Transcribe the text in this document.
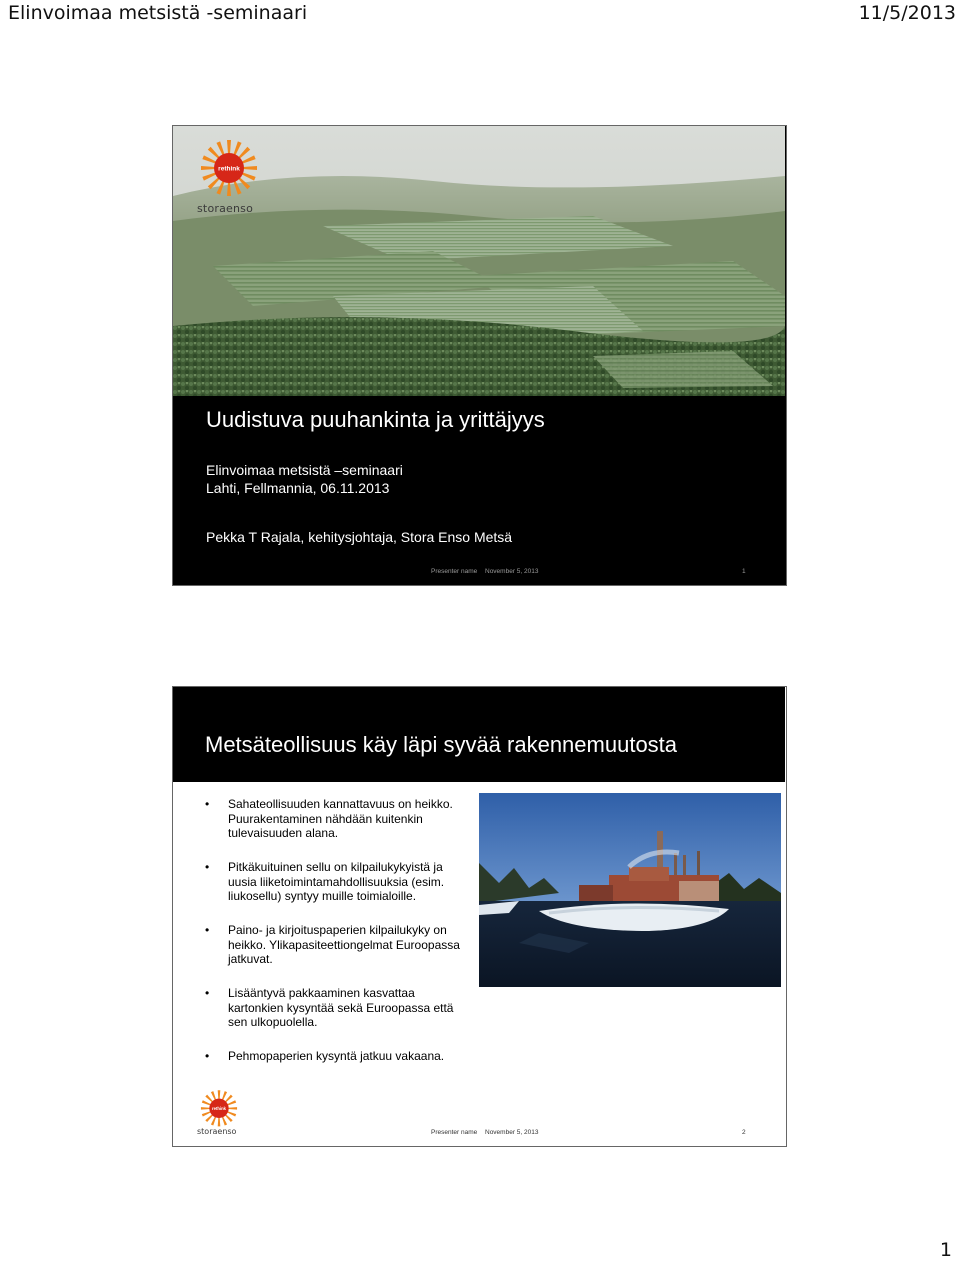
Elinvoimaa metsistä -seminaari	11/5/2013
rethink
storaenso
Uudistuva puuhankinta ja yrittäjyys
Elinvoimaa metsistä –seminaari
Lahti, Fellmannia, 06.11.2013
Pekka T Rajala, kehitysjohtaja, Stora Enso Metsä
Presenter name November 5, 2013	1
Metsäteollisuus käy läpi syvää rakennemuutosta
• Sahateollisuuden kannattavuus on heikko. Puurakentaminen nähdään kuitenkin tulevaisuuden alana.
• Pitkäkuituinen sellu on kilpailukykyistä ja uusia liiketoimintamahdollisuuksia (esim. liukosellu) syntyy muille toimialoille.
• Paino- ja kirjoituspaperien kilpailukyky on heikko. Ylikapasiteettiongelmat Euroopassa jatkuvat.
• Lisääntyvä pakkaaminen kasvattaa kartonkien kysyntää sekä Euroopassa että sen ulkopuolella.
• Pehmopaperien kysyntä jatkuu vakaana.
rethink
storaenso	Presenter name November 5, 2013	2
1
